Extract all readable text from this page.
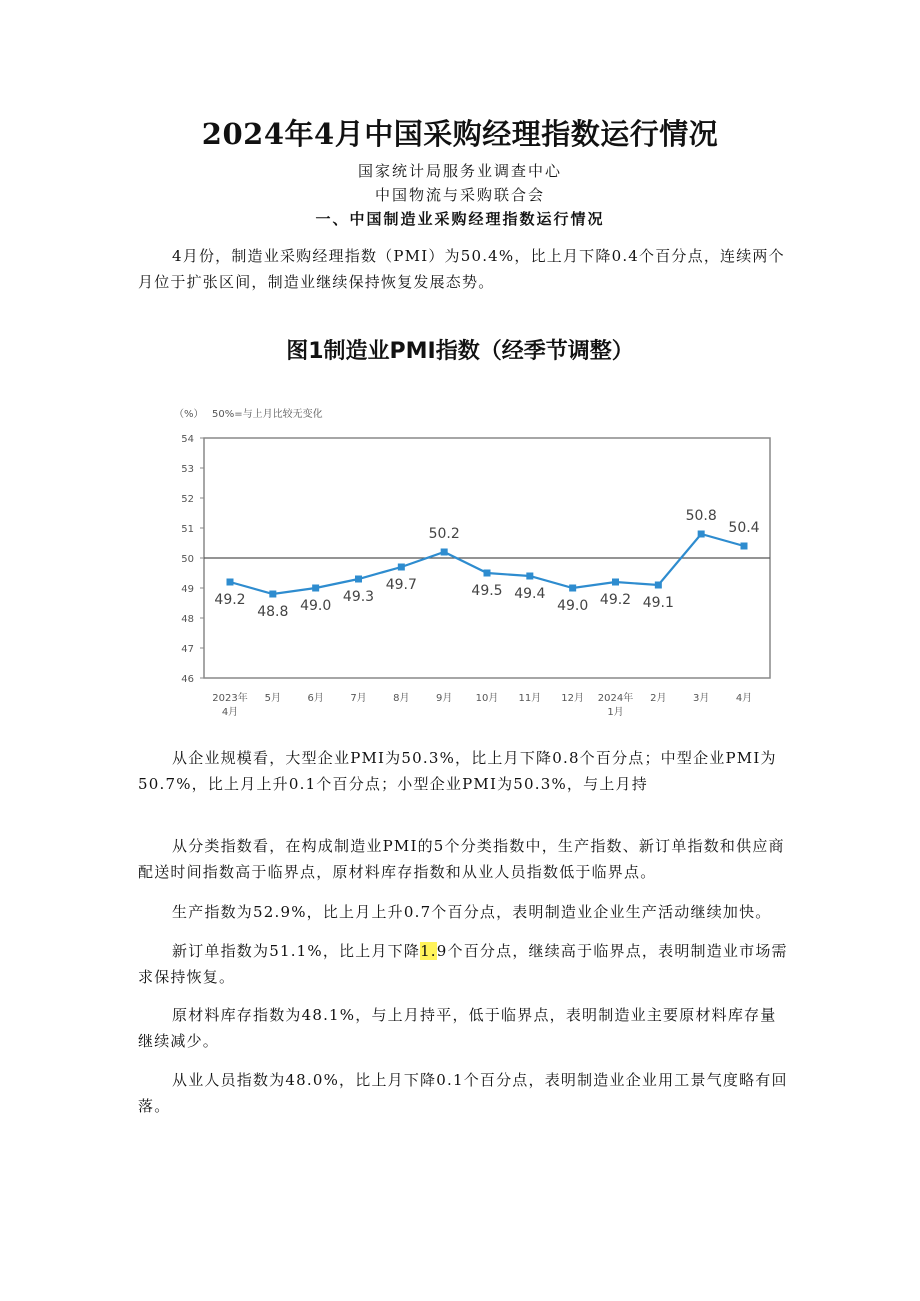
2024年4月中国采购经理指数运行情况
国家统计局服务业调查中心
中国物流与采购联合会
一、中国制造业采购经理指数运行情况

4月份，制造业采购经理指数（PMI）为50.4%，比上月下降0.4个百分点，连续两个月位于扩张区间，制造业继续保持恢复发展态势。

图1制造业PMI指数（经季节调整）
（%） 50%=与上月比较无变化
46
47
48
49
50
51
52
53
54
49.2
48.8 49.0
49.3
49.7
50.2
49.5 49.4
49.0 49.2 49.1
50.8
50.4
2023年
4月
5月	6月	7月	8月	9月 10月 11月 12月 2024年
1月
2月	3月	4月

从企业规模看，大型企业PMI为50.3%，比上月下降0.8个百分点；中型企业PMI为50.7%，比上月上升0.1个百分点；小型企业PMI为50.3%，与上月持

从分类指数看，在构成制造业PMI的5个分类指数中，生产指数、新订单指数和供应商配送时间指数高于临界点，原材料库存指数和从业人员指数低于临界点。

生产指数为52.9%，比上月上升0.7个百分点，表明制造业企业生产活动继续加快。

新订单指数为51.1%，比上月下降1.9个百分点，继续高于临界点，表明制造业市场需求保持恢复。

原材料库存指数为48.1%，与上月持平，低于临界点，表明制造业主要原材料库存量继续减少。

从业人员指数为48.0%，比上月下降0.1个百分点，表明制造业企业用工景气度略有回落。
